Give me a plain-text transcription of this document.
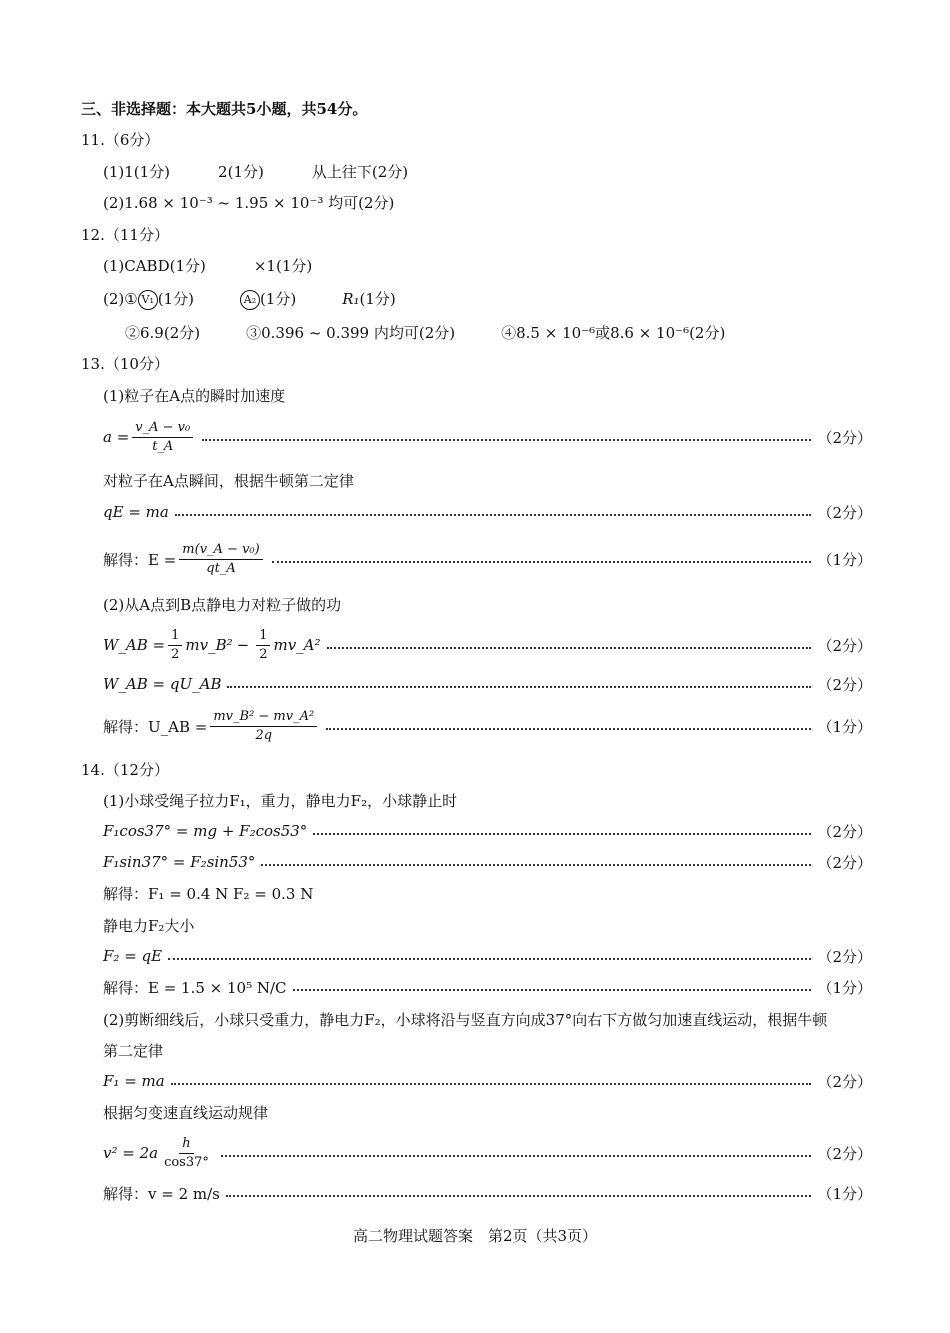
三、非选择题：本大题共5小题，共54分。
11.（6分）
(1)1(1分)	2(1分)	从上往下(2分)
(2)1.68 × 10⁻³ ~ 1.95 × 10⁻³ 均可(2分)
12.（11分）
(1)CABD(1分)	×1(1分)
(2)① V₁ (1分)	A₂ (1分)	R₁(1分)
②6.9(2分)	③0.396 ~ 0.399 内均可(2分)	④8.5 × 10⁻⁶或8.6 × 10⁻⁶(2分)
13.（10分）
(1)粒子在A点的瞬时加速度
$a = \frac{\text{v\_A − v₀}}{t\_A}$	（2分）
对粒子在A点瞬间，根据牛顿第二定律
qE = ma	（2分）
解得：$E = \frac{\text{m(v\_A − v₀)}}{qt\_A}$	（1分）
(2)从A点到B点静电力对粒子做的功
W_AB = $\frac{1}{2}$ mv_B² − $\frac{1}{2}$ mv_A²	（2分）
W_AB = qU_AB	（2分）
解得：U_AB = $\frac{\text{mv\_B² − mv\_A²}}{2q}$	（1分）
14.（12分）
(1)小球受绳子拉力F₁，重力，静电力F₂，小球静止时
F₁cos37° = mg + F₂cos53°	（2分）
F₁sin37° = F₂sin53°	（2分）
解得：F₁ = 0.4 N F₂ = 0.3 N
静电力F₂大小
F₂ = qE	（2分）
解得：E = 1.5 × 10⁵ N/C	（1分）
(2)剪断细线后，小球只受重力，静电力F₂，小球将沿与竖直方向成37°向右下方做匀加速直线运动，根据牛顿
第二定律
F₁ = ma	（2分）
根据匀变速直线运动规律
$v^2 = 2a \frac{h}{\cos 37^\circ}$	（2分）
解得：v = 2 m/s	（1分）
高二物理试题答案　第2页（共3页）
